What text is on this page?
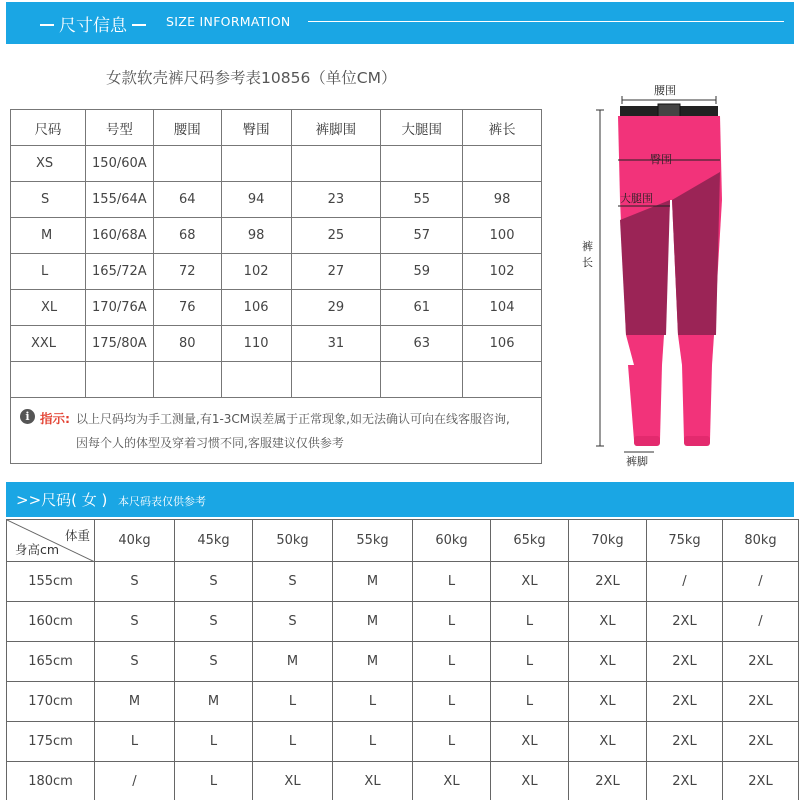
尺寸信息	SIZE INFORMATION
女款软壳裤尺码参考表10856（单位CM）
尺码	号型	腰围	臀围	裤脚围	大腿围	裤长
XS	150/60A					
S	155/64A	64	94	23	55	98
M	160/68A	68	98	25	57	100
L	165/72A	72	102	27	59	102
XL	170/76A	76	106	29	61	104
XXL	175/80A	80	110	31	63	106

i
指示: 以上尺码均为手工测量,有1-3CM误差属于正常现象,如无法确认可向在线客服咨询,
因每个人的体型及穿着习惯不同,客服建议仅供参考
腰围
臀围
大腿围
裤
长
裤脚
>>尺码( 女 ) 本尺码表仅供参考
体重
身高cm	40kg	45kg	50kg	55kg	60kg	65kg	70kg	75kg	80kg
155cm	S	S	S	M	L	XL	2XL	/	/
160cm	S	S	S	M	L	L	XL	2XL	/
165cm	S	S	M	M	L	L	XL	2XL	2XL
170cm	M	M	L	L	L	L	XL	2XL	2XL
175cm	L	L	L	L	L	XL	XL	2XL	2XL
180cm	/	L	XL	XL	XL	XL	2XL	2XL	2XL
